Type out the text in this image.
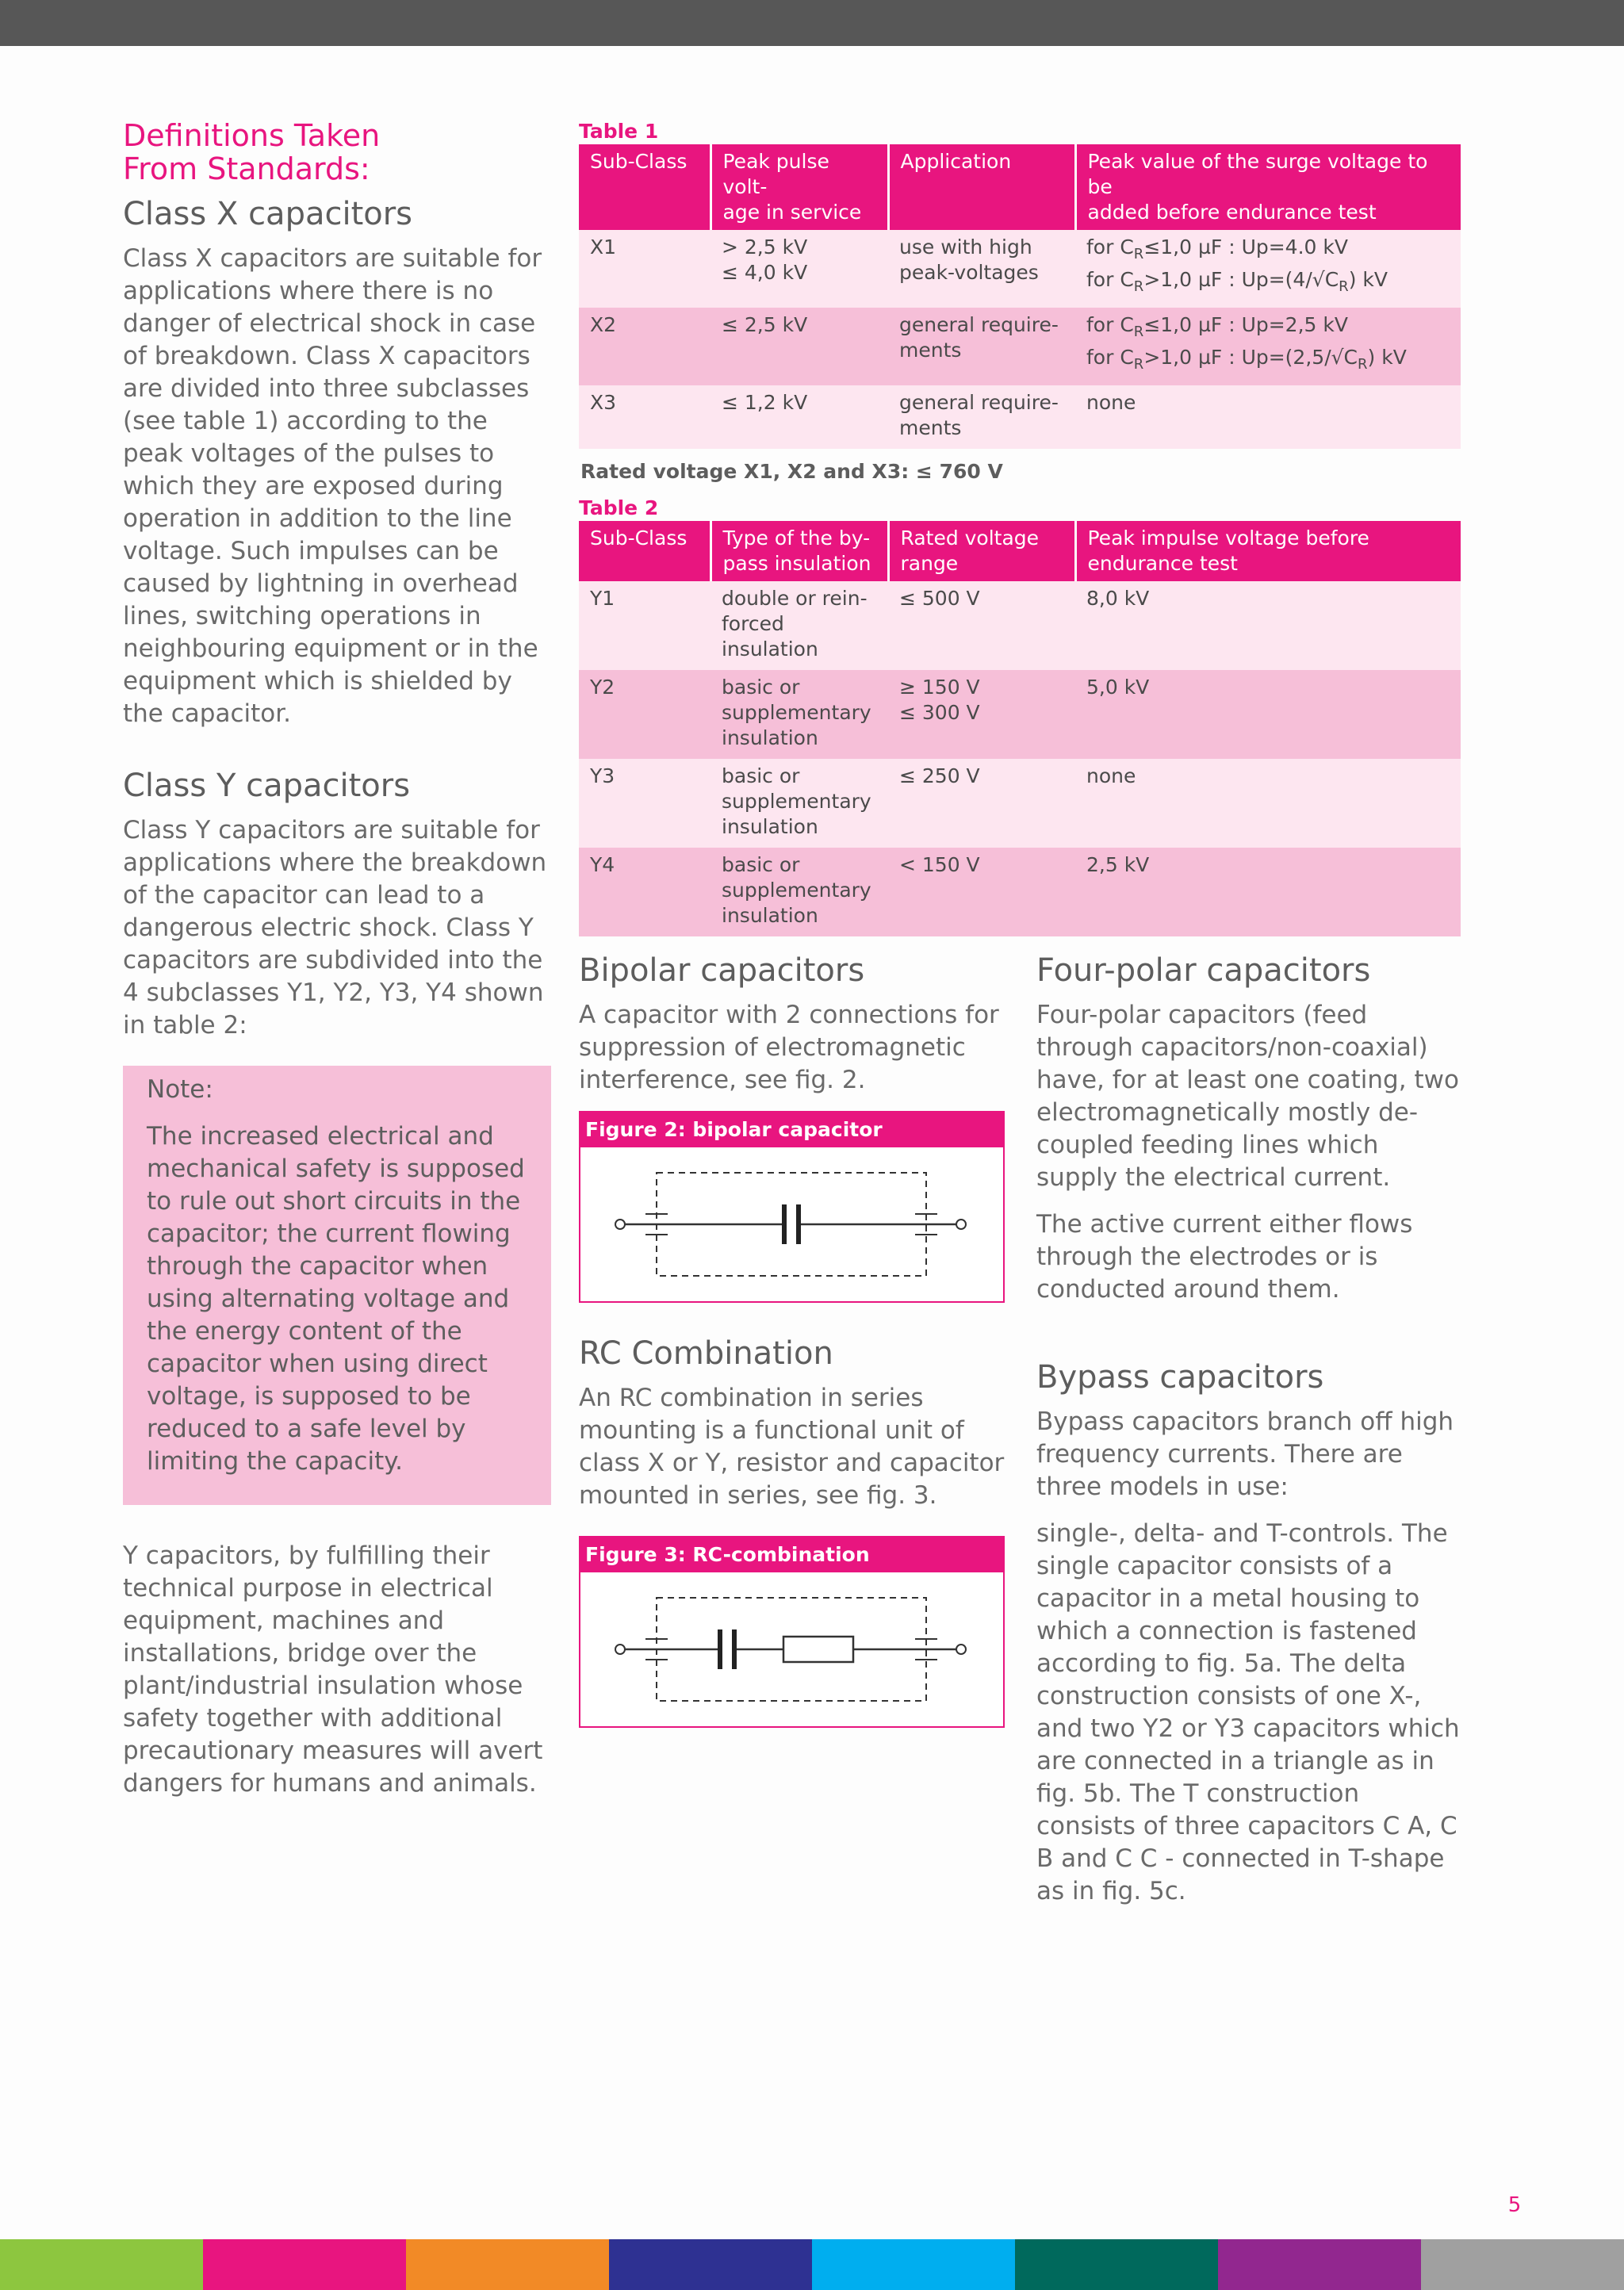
Definitions Taken
From Standards:
Class X capacitors

Class X capacitors are suitable for applications where there is no danger of electrical shock in case of breakdown. Class X capacitors are divided into three subclasses (see table 1) according to the peak voltages of the pulses to which they are exposed during operation in addition to the line voltage. Such impulses can be caused by lightning in overhead lines, switching operations in neighbouring equipment or in the equipment which is shielded by the capacitor.

Class Y capacitors

Class Y capacitors are suitable for applications where the breakdown of the capacitor can lead to a dangerous electric shock. Class Y capacitors are subdivided into the 4 subclasses Y1, Y2, Y3, Y4 shown in table 2:

Note:
The increased electrical and mechanical safety is supposed to rule out short circuits in the capacitor; the current flowing through the capacitor when using alternating voltage and the energy content of the capacitor when using direct voltage, is supposed to be reduced to a safe level by limiting the capacity.

Y capacitors, by fulfilling their technical purpose in electrical equipment, machines and installations, bridge over the plant/industrial insulation whose safety together with additional precautionary measures will avert dangers for humans and animals.

Table 1
Sub-Class	Peak pulse volt-
age in service	Application	Peak value of the surge voltage to be
added before endurance test
X1	> 2,5 kV
≤ 4,0 kV	use with high
peak-voltages	for $C_R\le 1,0$ µF : Up=4.0 kV
for $C_R>1,0$ µF : $Up=(4/√C_R)$ kV
X2	≤ 2,5 kV	general require-
ments	for $C_R\le 1,0$ µF : Up=2,5 kV
for $C_R>1,0$ µF : $Up=(2,5/√C_R)$ kV
X3	≤ 1,2 kV	general require-
ments	none
Rated voltage X1, X2 and X3: ≤ 760 V
Table 2
Sub-Class	Type of the by-
pass insulation	Rated voltage
range	Peak impulse voltage before
endurance test
Y1	double or rein-
forced insulation	≤ 500 V	8,0 kV
Y2	basic or
supplementary
insulation	≥ 150 V
≤ 300 V	5,0 kV
Y3	basic or
supplementary
insulation	≤ 250 V	none
Y4	basic or
supplementary
insulation	< 150 V	2,5 kV
Bipolar capacitors

A capacitor with 2 connections for suppression of electromagnetic interference, see fig. 2.

Figure 2: bipolar capacitor
RC Combination

An RC combination in series mounting is a functional unit of class X or Y, resistor and capacitor mounted in series, see fig. 3.

Figure 3: RC-combination
Four-polar capacitors

Four-polar capacitors (feed through capacitors/non-coaxial) have, for at least one coating, two electromagnetically mostly de-coupled feeding lines which supply the electrical current.

The active current either flows through the electrodes or is conducted around them.

Bypass capacitors

Bypass capacitors branch off high frequency currents. There are three models in use:

single-, delta- and T-controls. The single capacitor consists of a capacitor in a metal housing to which a connection is fastened according to fig. 5a. The delta construction consists of one X-, and two Y2 or Y3 capacitors which are connected in a triangle as in fig. 5b. The T construction consists of three capacitors C A, C B and C C - connected in T-shape as in fig. 5c.

5
